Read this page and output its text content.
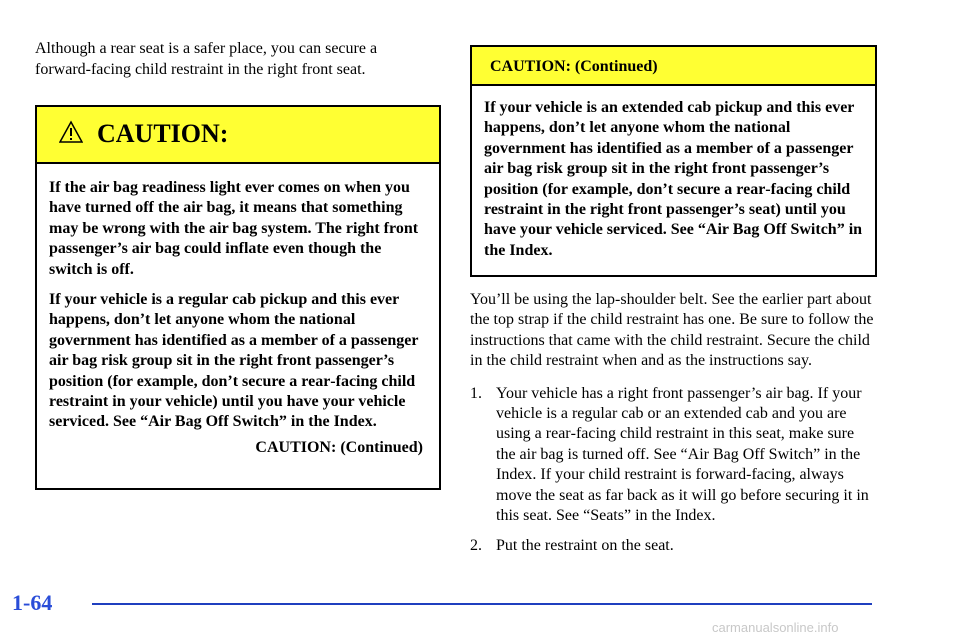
Although a rear seat is a safer place, you can secure a forward‑facing child restraint in the right front seat.

CAUTION:

If the air bag readiness light ever comes on when you have turned off the air bag, it means that something may be wrong with the air bag system. The right front passenger’s air bag could inflate even though the switch is off.

If your vehicle is a regular cab pickup and this ever happens, don’t let anyone whom the national government has identified as a member of a passenger air bag risk group sit in the right front passenger’s position (for example, don’t secure a rear‑facing child restraint in your vehicle) until you have your vehicle serviced. See “Air Bag Off Switch” in the Index.

CAUTION: (Continued)
CAUTION: (Continued)

If your vehicle is an extended cab pickup and this ever happens, don’t let anyone whom the national government has identified as a member of a passenger air bag risk group sit in the right front passenger’s position (for example, don’t secure a rear‑facing child restraint in the right front passenger’s seat) until you have your vehicle serviced. See “Air Bag Off Switch” in the Index.

You’ll be using the lap‑shoulder belt. See the earlier part about the top strap if the child restraint has one. Be sure to follow the instructions that came with the child restraint. Secure the child in the child restraint when and as the instructions say.

1. Your vehicle has a right front passenger’s air bag. If your vehicle is a regular cab or an extended cab and you are using a rear‑facing child restraint in this seat, make sure the air bag is turned off. See “Air Bag Off Switch” in the Index. If your child restraint is forward‑facing, always move the seat as far back as it will go before securing it in this seat. See “Seats” in the Index.
2. Put the restraint on the seat.
1-64
carmanualsonline.info
